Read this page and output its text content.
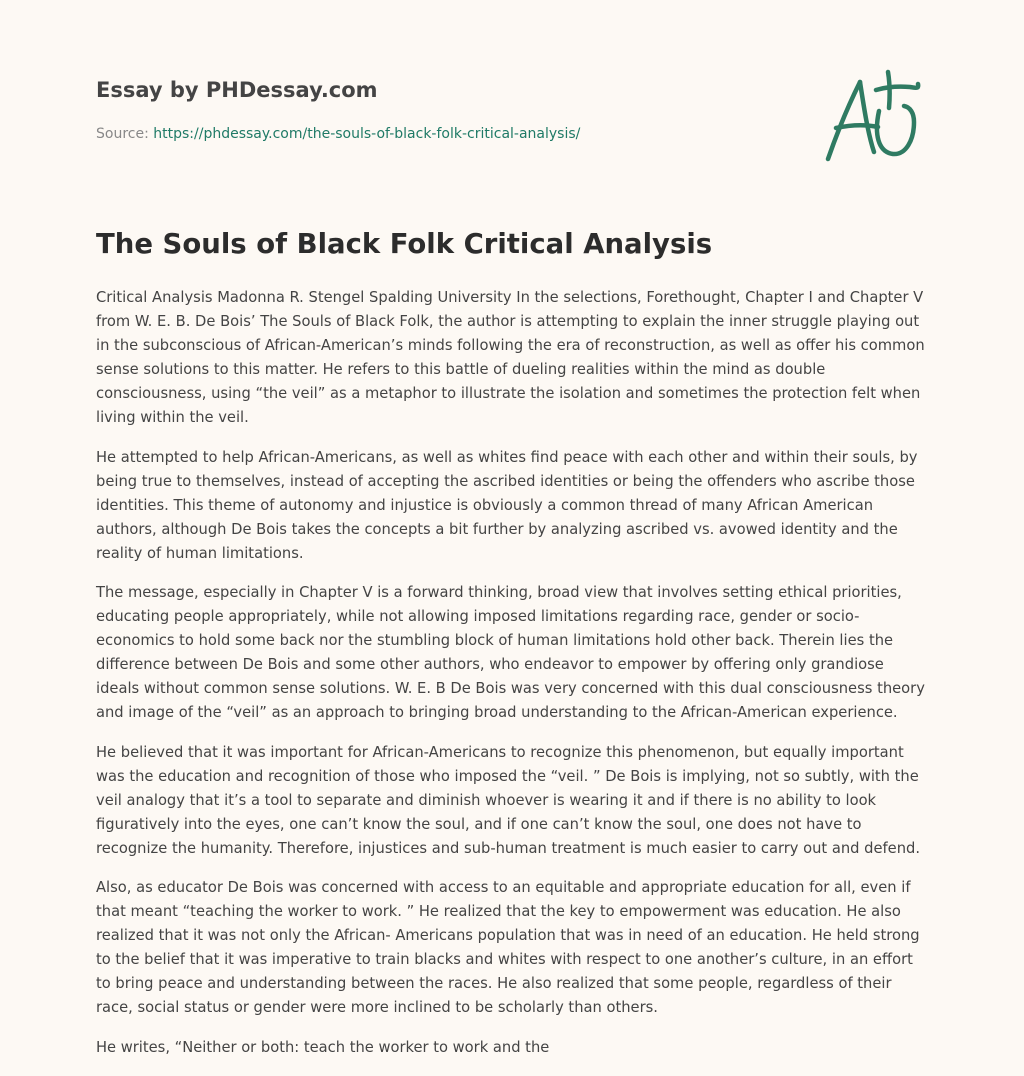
Essay by PHDessay.com
Source: https://phdessay.com/the-souls-of-black-folk-critical-analysis/
The Souls of Black Folk Critical Analysis

Critical Analysis Madonna R. Stengel Spalding University In the selections, Forethought, Chapter I and Chapter V from W. E. B. De Bois’ The Souls of Black Folk, the author is attempting to explain the inner struggle playing out in the subconscious of African-American’s minds following the era of reconstruction, as well as offer his common sense solutions to this matter. He refers to this battle of dueling realities within the mind as double consciousness, using “the veil” as a metaphor to illustrate the isolation and sometimes the protection felt when living within the veil.

He attempted to help African-Americans, as well as whites find peace with each other and within their souls, by being true to themselves, instead of accepting the ascribed identities or being the offenders who ascribe those identities. This theme of autonomy and injustice is obviously a common thread of many African American authors, although De Bois takes the concepts a bit further by analyzing ascribed vs. avowed identity and the reality of human limitations.

The message, especially in Chapter V is a forward thinking, broad view that involves setting ethical priorities, educating people appropriately, while not allowing imposed limitations regarding race, gender or socio-economics to hold some back nor the stumbling block of human limitations hold other back. Therein lies the difference between De Bois and some other authors, who endeavor to empower by offering only grandiose ideals without common sense solutions. W. E. B De Bois was very concerned with this dual consciousness theory and image of the “veil” as an approach to bringing broad understanding to the African-American experience.

He believed that it was important for African-Americans to recognize this phenomenon, but equally important was the education and recognition of those who imposed the “veil. ” De Bois is implying, not so subtly, with the veil analogy that it’s a tool to separate and diminish whoever is wearing it and if there is no ability to look figuratively into the eyes, one can’t know the soul, and if one can’t know the soul, one does not have to recognize the humanity. Therefore, injustices and sub-human treatment is much easier to carry out and defend.

Also, as educator De Bois was concerned with access to an equitable and appropriate education for all, even if that meant “teaching the worker to work. ” He realized that the key to empowerment was education. He also realized that it was not only the African- Americans population that was in need of an education. He held strong to the belief that it was imperative to train blacks and whites with respect to one another’s culture, in an effort to bring peace and understanding between the races. He also realized that some people, regardless of their race, social status or gender were more inclined to be scholarly than others.

He writes, “Neither or both: teach the worker to work and the
